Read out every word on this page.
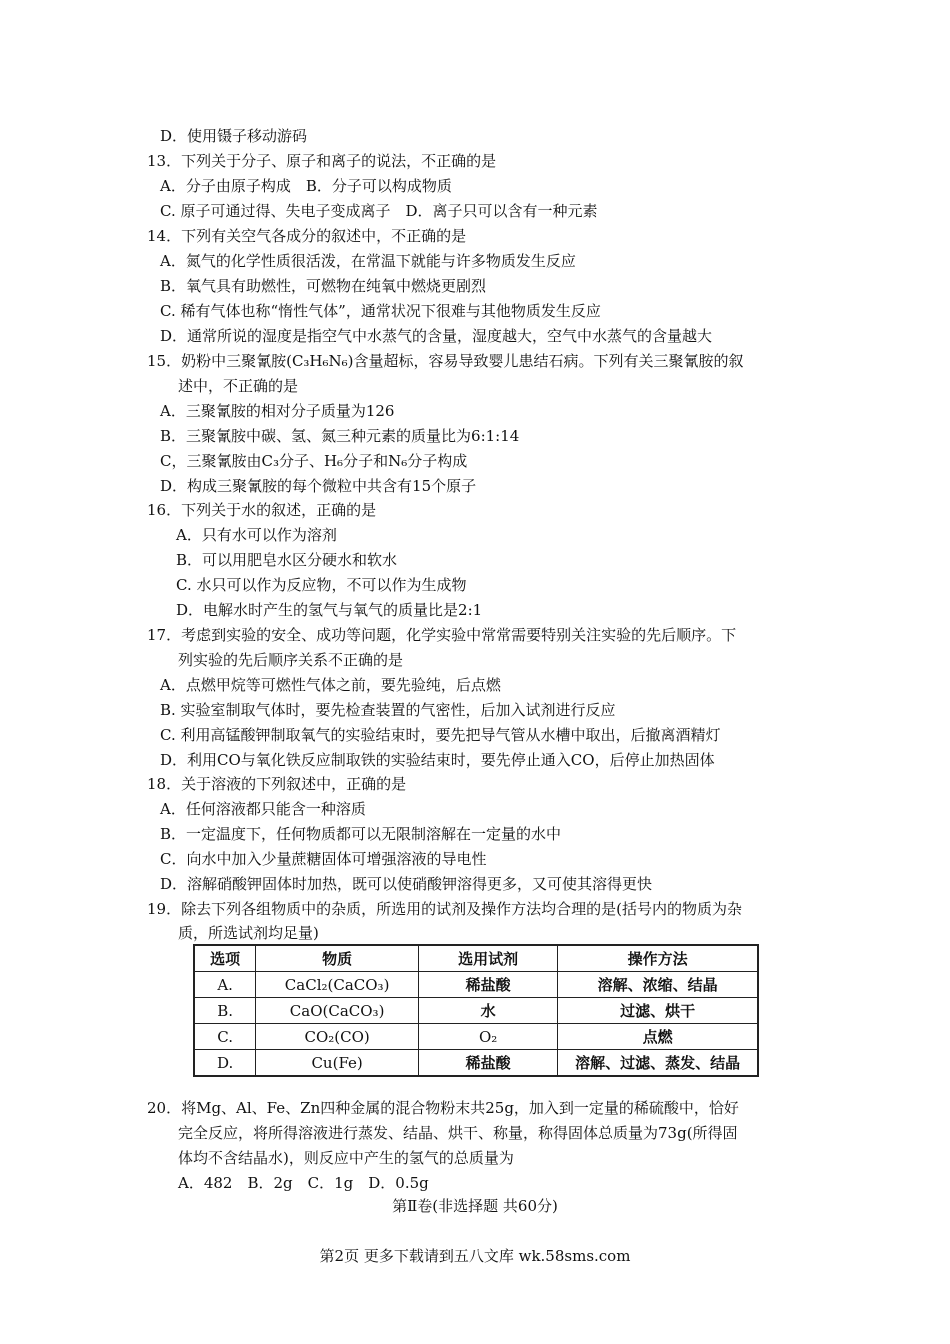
D．使用镊子移动游码
13．下列关于分子、原子和离子的说法，不正确的是
A．分子由原子构成　B．分子可以构成物质
C. 原子可通过得、失电子变成离子　D．离子只可以含有一种元素
14．下列有关空气各成分的叙述中，不正确的是
A．氮气的化学性质很活泼，在常温下就能与许多物质发生反应
B．氧气具有助燃性，可燃物在纯氧中燃烧更剧烈
C. 稀有气体也称“惰性气体”，通常状况下很难与其他物质发生反应
D．通常所说的湿度是指空气中水蒸气的含量，湿度越大，空气中水蒸气的含量越大
15．奶粉中三聚氰胺(C₃H₆N₆)含量超标，容易导致婴儿患结石病。下列有关三聚氰胺的叙
述中，不正确的是
A．三聚氰胺的相对分子质量为126
B．三聚氰胺中碳、氢、氮三种元素的质量比为6:1:14
C，三聚氰胺由C₃分子、H₆分子和N₆分子构成
D．构成三聚氰胺的每个微粒中共含有15个原子
16．下列关于水的叙述，正确的是
A．只有水可以作为溶剂
B．可以用肥皂水区分硬水和软水
C. 水只可以作为反应物，不可以作为生成物
D．电解水时产生的氢气与氧气的质量比是2:1
17．考虑到实验的安全、成功等问题，化学实验中常常需要特别关注实验的先后顺序。下
列实验的先后顺序关系不正确的是
A．点燃甲烷等可燃性气体之前，要先验纯，后点燃
B. 实验室制取气体时，要先检查装置的气密性，后加入试剂进行反应
C. 利用高锰酸钾制取氧气的实验结束时，要先把导气管从水槽中取出，后撤离酒精灯
D．利用CO与氧化铁反应制取铁的实验结束时，要先停止通入CO，后停止加热固体
18．关于溶液的下列叙述中，正确的是
A．任何溶液都只能含一种溶质
B．一定温度下，任何物质都可以无限制溶解在一定量的水中
C．向水中加入少量蔗糖固体可增强溶液的导电性
D．溶解硝酸钾固体时加热，既可以使硝酸钾溶得更多，又可使其溶得更快
19．除去下列各组物质中的杂质，所选用的试剂及操作方法均合理的是(括号内的物质为杂
质，所选试剂均足量)
选项	物质	选用试剂	操作方法
A.	CaCl₂(CaCO₃)	稀盐酸	溶解、浓缩、结晶
B.	CaO(CaCO₃)	水	过滤、烘干
C.	CO₂(CO)	O₂	点燃
D.	Cu(Fe)	稀盐酸	溶解、过滤、蒸发、结晶
20．将Mg、Al、Fe、Zn四种金属的混合物粉末共25g，加入到一定量的稀硫酸中，恰好
完全反应，将所得溶液进行蒸发、结晶、烘干、称量，称得固体总质量为73g(所得固
体均不含结晶水)，则反应中产生的氢气的总质量为
A．482　B．2g　C．1g　D．0.5g
第Ⅱ卷(非选择题 共60分)
第2页 更多下载请到五八文库 wk.58sms.com
